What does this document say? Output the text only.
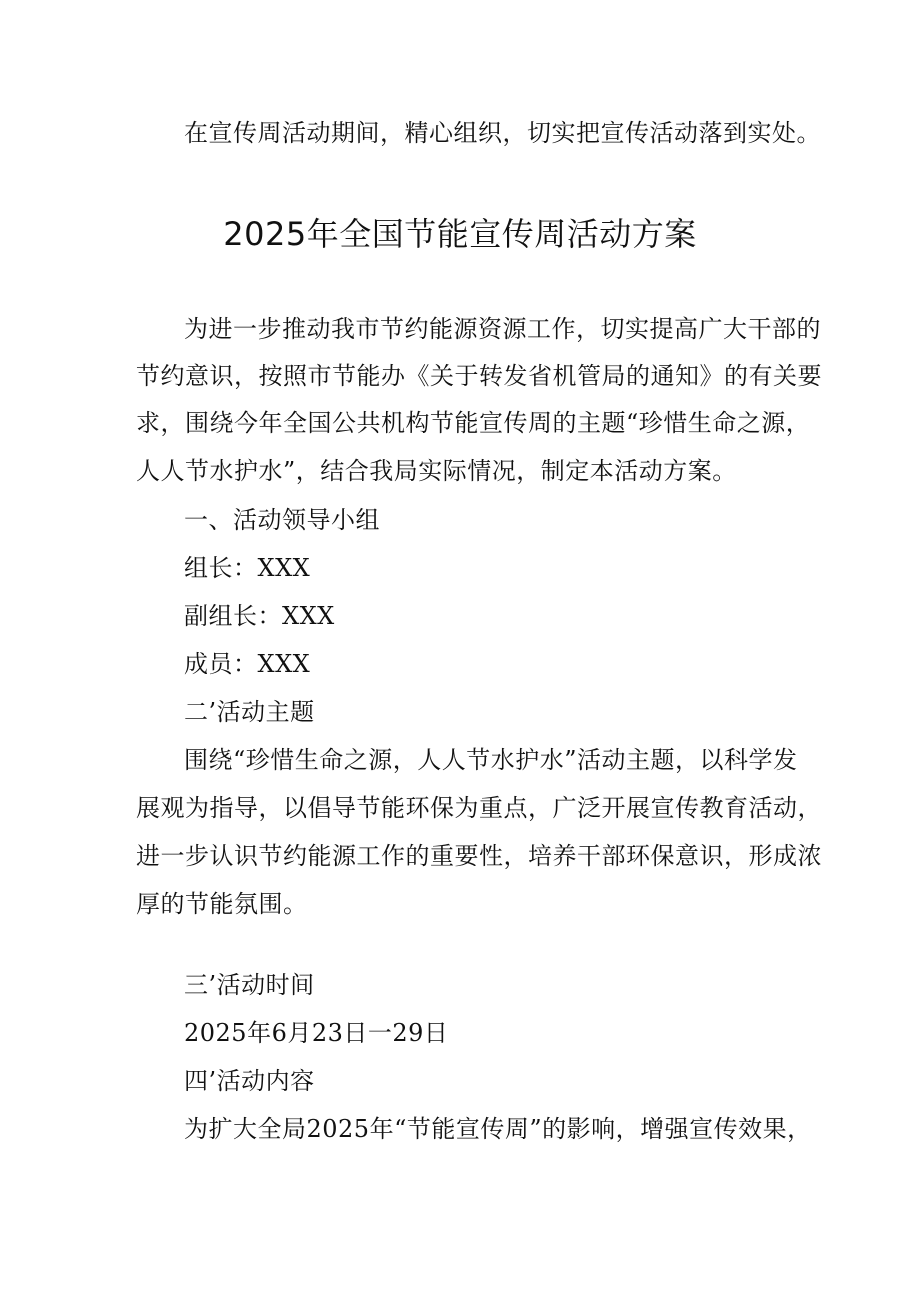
在宣传周活动期间，精心组织，切实把宣传活动落到实处。
2025年全国节能宣传周活动方案
为进一步推动我市节约能源资源工作，切实提高广大干部的
节约意识，按照市节能办《关于转发省机管局的通知》的有关要
求，围绕今年全国公共机构节能宣传周的主题“珍惜生命之源，
人人节水护水”，结合我局实际情况，制定本活动方案。
一、活动领导小组
组长：XXX
副组长：XXX
成员：XXX
二’活动主题
围绕“珍惜生命之源，人人节水护水”活动主题，以科学发
展观为指导，以倡导节能环保为重点，广泛开展宣传教育活动，
进一步认识节约能源工作的重要性，培养干部环保意识，形成浓
厚的节能氛围。
三’活动时间
2025年6月23日一29日
四’活动内容
为扩大全局2025年“节能宣传周”的影响，增强宣传效果，
